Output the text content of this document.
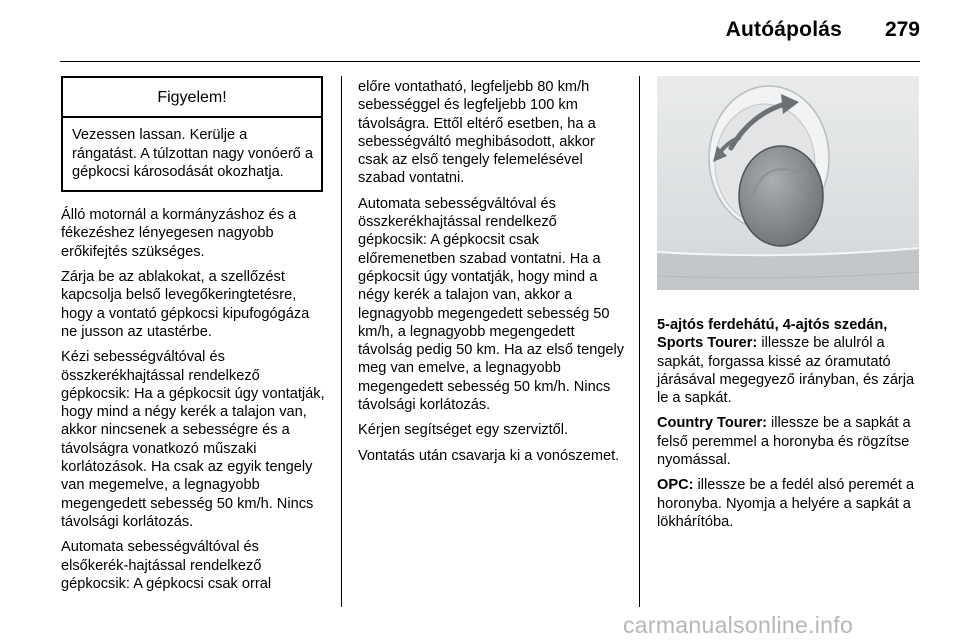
Autóápolás 279
Figyelem!
Vezessen lassan. Kerülje a rángatást. A túlzottan nagy vonóerő a gépkocsi károsodását okozhatja.

Álló motornál a kormányzáshoz és a fékezéshez lényegesen nagyobb erőkifejtés szükséges.

Zárja be az ablakokat, a szellőzést kapcsolja belső levegőkeringtetésre, hogy a vontató gépkocsi kipufogógáza ne jusson az utastérbe.

Kézi sebességváltóval és összkerékhajtással rendelkező gépkocsik: Ha a gépkocsit úgy vontatják, hogy mind a négy kerék a talajon van, akkor nincsenek a sebességre és a távolságra vonatkozó műszaki korlátozások. Ha csak az egyik tengely van megemelve, a legnagyobb megengedett sebesség 50 km/h. Nincs távolsági korlátozás.

Automata sebességváltóval és elsőkerék-hajtással rendelkező gépkocsik: A gépkocsi csak orral

előre vontatható, legfeljebb 80 km/h sebességgel és legfeljebb 100 km távolságra. Ettől eltérő esetben, ha a sebességváltó meghibásodott, akkor csak az első tengely felemelésével szabad vontatni.

Automata sebességváltóval és összkerékhajtással rendelkező gépkocsik: A gépkocsit csak előremenetben szabad vontatni. Ha a gépkocsit úgy vontatják, hogy mind a négy kerék a talajon van, akkor a legnagyobb megengedett sebesség 50 km/h, a legnagyobb megengedett távolság pedig 50 km. Ha az első tengely meg van emelve, a legnagyobb megengedett sebesség 50 km/h. Nincs távolsági korlátozás.

Kérjen segítséget egy szerviztől.

Vontatás után csavarja ki a vonószemet.

5-ajtós ferdehátú, 4-ajtós szedán, Sports Tourer: illessze be alulról a sapkát, forgassa kissé az óramutató járásával megegyező irányban, és zárja le a sapkát.

Country Tourer: illessze be a sapkát a felső peremmel a horonyba és rögzítse nyomással.

OPC: illessze be a fedél alsó peremét a horonyba. Nyomja a helyére a sapkát a lökhárítóba.

carmanualsonline.info
